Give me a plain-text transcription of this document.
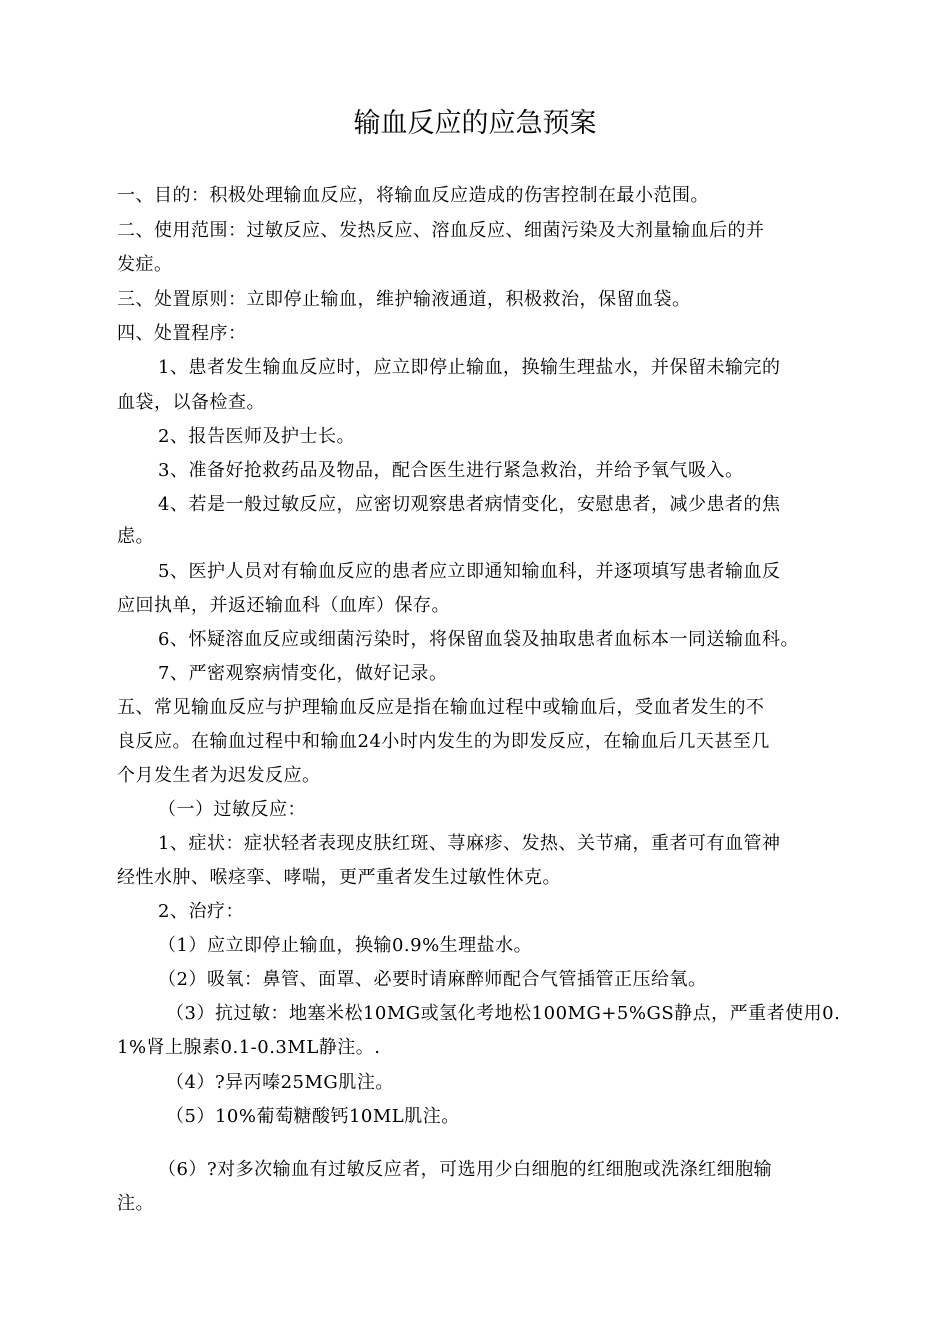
输血反应的应急预案
一、目的：积极处理输血反应，将输血反应造成的伤害控制在最小范围。
二、使用范围：过敏反应、发热反应、溶血反应、细菌污染及大剂量输血后的并
发症。
三、处置原则：立即停止输血，维护输液通道，积极救治，保留血袋。
四、处置程序：
1、患者发生输血反应时，应立即停止输血，换输生理盐水，并保留未输完的
血袋，以备检查。
2、报告医师及护士长。
3、准备好抢救药品及物品，配合医生进行紧急救治，并给予氧气吸入。
4、若是一般过敏反应，应密切观察患者病情变化，安慰患者，减少患者的焦
虑。
5、医护人员对有输血反应的患者应立即通知输血科，并逐项填写患者输血反
应回执单，并返还输血科（血库）保存。
6、怀疑溶血反应或细菌污染时，将保留血袋及抽取患者血标本一同送输血科。
7、严密观察病情变化，做好记录。
五、常见输血反应与护理输血反应是指在输血过程中或输血后，受血者发生的不
良反应。在输血过程中和输血24小时内发生的为即发反应，在输血后几天甚至几
个月发生者为迟发反应。
（一）过敏反应：
1、症状：症状轻者表现皮肤红斑、荨麻疹、发热、关节痛，重者可有血管神
经性水肿、喉痉挛、哮喘，更严重者发生过敏性休克。
2、治疗：
（1）应立即停止输血，换输0.9%生理盐水。
（2）吸氧：鼻管、面罩、必要时请麻醉师配合气管插管正压给氧。
（3）抗过敏：地塞米松10MG或氢化考地松100MG+5%GS静点，严重者使用0.
1%肾上腺素0.1-0.3ML静注。.
（4）?异丙嗪25MG肌注。
（5）10%葡萄糖酸钙10ML肌注。
（6）?对多次输血有过敏反应者，可选用少白细胞的红细胞或洗涤红细胞输
注。
